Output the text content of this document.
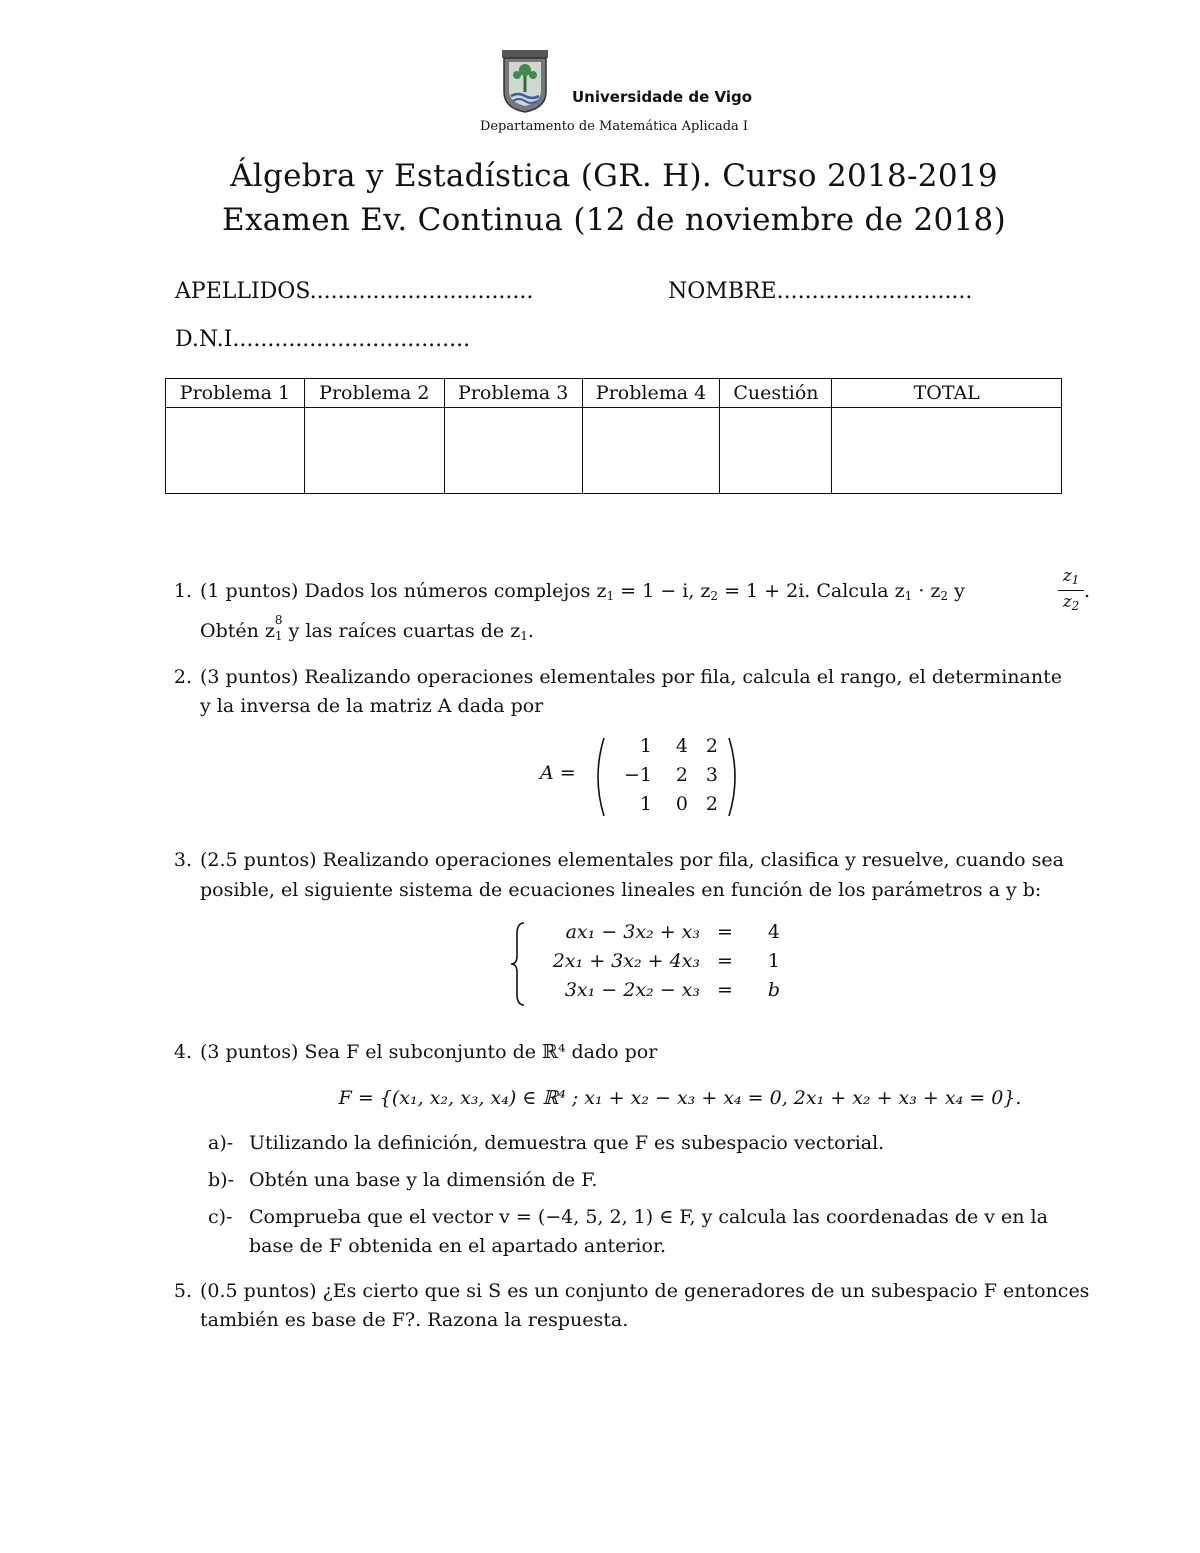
Universidade de Vigo
Departamento de Matemática Aplicada I
Álgebra y Estadística (GR. H). Curso 2018-2019
Examen Ev. Continua (12 de noviembre de 2018)
APELLIDOS................................	NOMBRE............................
D.N.I..................................
Problema 1	Problema 2	Problema 3	Problema 4	Cuestión	TOTAL

1. (1 puntos) Dados los números complejos $z_1 = 1 - i$, $z_2 = 1 + 2i$. Calcula $z_1 \cdot z_2$ y
$z_1$
$z_2$
.
Obtén z 8
$_1$ y las raíces cuartas de $z_1$.
2. (3 puntos) Realizando operaciones elementales por fila, calcula el rango, el determinante
y la inversa de la matriz A dada por
A =
1	4 2
−1	2 3
1	0 2
3. (2.5 puntos) Realizando operaciones elementales por fila, clasifica y resuelve, cuando sea
posible, el siguiente sistema de ecuaciones lineales en función de los parámetros a y b:
ax₁ − 3x₂ + x₃ =	4
2x₁ + 3x₂ + 4x₃ =	1
3x₁ − 2x₂ − x₃ =	b
4. (3 puntos) Sea F el subconjunto de ℝ⁴ dado por
F = {(x₁, x₂, x₃, x₄) ∈ ℝ⁴ ; x₁ + x₂ − x₃ + x₄ = 0, 2x₁ + x₂ + x₃ + x₄ = 0}.
a)- Utilizando la definición, demuestra que F es subespacio vectorial.
b)- Obtén una base y la dimensión de F.
c)- Comprueba que el vector v = (−4, 5, 2, 1) ∈ F, y calcula las coordenadas de v en la
base de F obtenida en el apartado anterior.
5. (0.5 puntos) ¿Es cierto que si S es un conjunto de generadores de un subespacio F entonces
también es base de F?. Razona la respuesta.
